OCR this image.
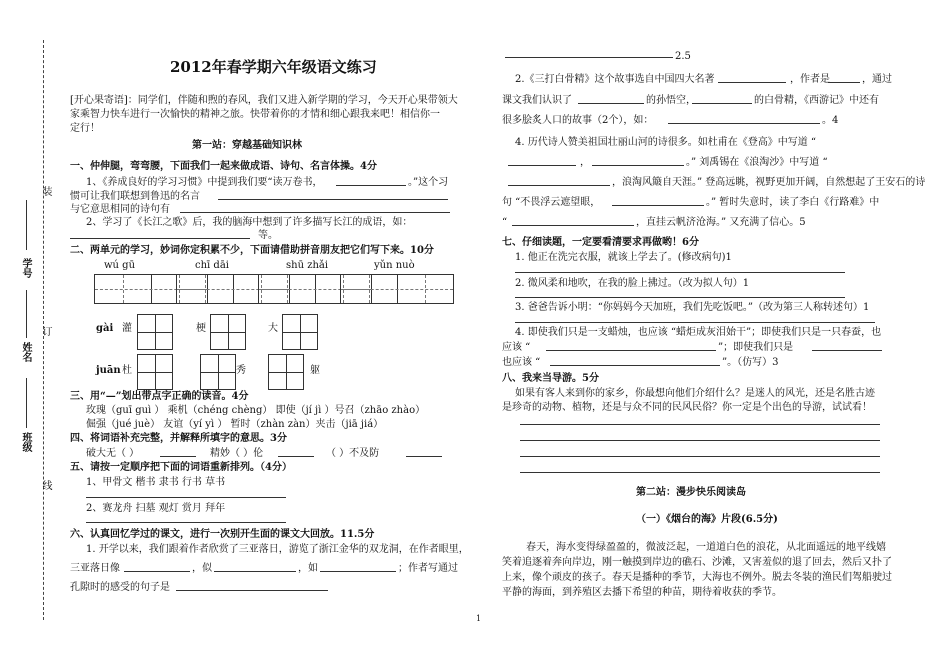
装
订
线
学号
姓名
班级
2012年春学期六年级语文练习
[开心果寄语]：同学们，伴随和煦的春风，我们又进入新学期的学习，今天开心果带领大
家乘智力快车进行一次愉快的精神之旅。快带着你的才情和细心跟我来吧！相信你一
定行！
第一站：穿越基础知识林
一、仲伸腿，弯弯腰，下面我们一起来做成语、诗句、名言体操。4分
1、《养成良好的学习习惯》中提到我们要“读万卷书，	。”这个习
惯可让我们联想到鲁迅的名言
与它意思相同的诗句有
2、学习了《长江之歌》后，我的脑海中想到了许多描写长江的成语，如：
等。
二、两单元的学习，妙词你定积累不少，下面请借助拼音朋友把它们写下来。10分
wú gū	chī dāi	shū zhǎi	yǔn nuò
gài 灌	梗	大
juān 杜	秀	躯
三、用“—”划出带点字正确的读音。4分
玫瑰（guī guì ） 乘机（chéng chèng） 即使（jí jì ）号召（zhāo zhào）
倔强（jué juè） 友谊（yí yì ） 暂时（zhàn zàn）夹击（jiā jiá）
四、将词语补充完整，并解释所填字的意思。3分
破大无（ ）	精妙（ ）伦	（ ）不及防
五、请按一定顺序把下面的词语重新排列。（4分）
1、甲骨文 楷书 隶书 行书 草书
2、赛龙舟 扫墓 观灯 赏月 拜年
六、认真回忆学过的课文，进行一次别开生面的课文大回放。11.5分
1. 开学以来，我们跟着作者欣赏了三亚落日，游览了浙江金华的双龙洞，在作者眼里，
三亚落日像	，似	，如	；作者写通过
孔隙时的感受的句子是
2.5
2.《三打白骨精》这个故事选自中国四大名著	，作者是	，通过
课文我们认识了	的孙悟空，	的白骨精，《西游记》中还有
很多脍炙人口的故事（2个），如：	。4
4. 历代诗人赞美祖国壮丽山河的诗很多。如杜甫在《登高》中写道 “
，	。” 刘禹锡在《浪淘沙》中写道 “
，浪淘风簸自天涯。” 登高远眺，视野更加开阔，自然想起了王安石的诗
句 “不畏浮云遮望眼，	。” 暂时失意时，读了李白《行路难》中
“	，直挂云帆济沧海。” 又充满了信心。5
七、仔细读题，一定要看清要求再做哟！6分
1. 他正在洗完衣服，就该上学去了。(修改病句)1
2. 微风柔和地吹，在我的脸上拂过。（改为拟人句）1
3. 爸爸告诉小明：“你妈妈今天加班，我们先吃饭吧。”（改为第三人称转述句）1
4. 即使我们只是一支蜡烛，也应该 “蜡炬成灰泪始干”；即使我们只是一只春蚕，也
应该 “	”；即使我们只是
也应该 “	”。（仿写）3
八、我来当导游。5分
如果有客人来到你的家乡，你最想向他们介绍什么？是迷人的风光，还是名胜古迹
是珍奇的动物、植物，还是与众不同的民风民俗？你一定是个出色的导游，试试看！
第二站：漫步快乐阅读岛
（一）《烟台的海》片段(6.5分)
春天，海水变得绿盈盈的，微波泛起，一道道白色的浪花，从北面遥远的地平线嬉
笑着追逐着奔向岸边，刚一触摸到岸边的礁石、沙滩，又害羞似的退了回去，然后又扑了
上来，像个顽皮的孩子。春天是播种的季节，大海也不例外。脱去冬装的渔民们驾船驶过
平静的海面，到养殖区去播下希望的种苗，期待着收获的季节。
1
